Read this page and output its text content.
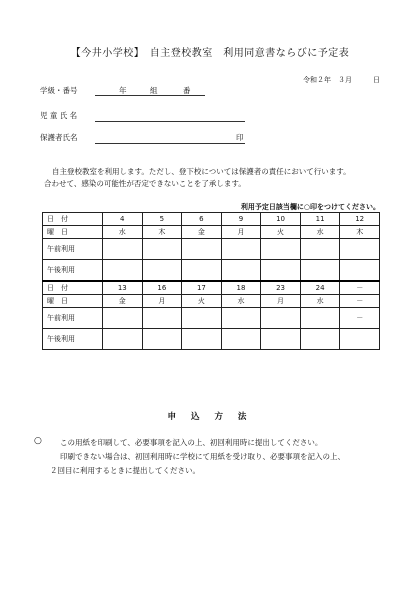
【今井小学校】　自主登校教室　利用同意書ならびに予定表
令和２年　３月　　　日
学級・番号	年	組	番
児 童 氏 名
保護者氏名	印
自主登校教室を利用します。ただし、登下校については保護者の責任において行います。
合わせて、感染の可能性が否定できないことを了承します。
利用予定日該当欄に○印をつけてください。
日　付	4	5	6	9	10	11	12
曜　日	水	木	金	月	火	水	木
午前利用							
午後利用							
日　付	13	16	17	18	23	24	－
曜　日	金	月	火	水	月	水	－
午前利用							－
午後利用							
申 込 方 法
○ この用紙を印刷して、必要事項を記入の上、初回利用時に提出してください。
印刷できない場合は、初回利用時に学校にて用紙を受け取り、必要事項を記入の上、
２回目に利用するときに提出してください。
